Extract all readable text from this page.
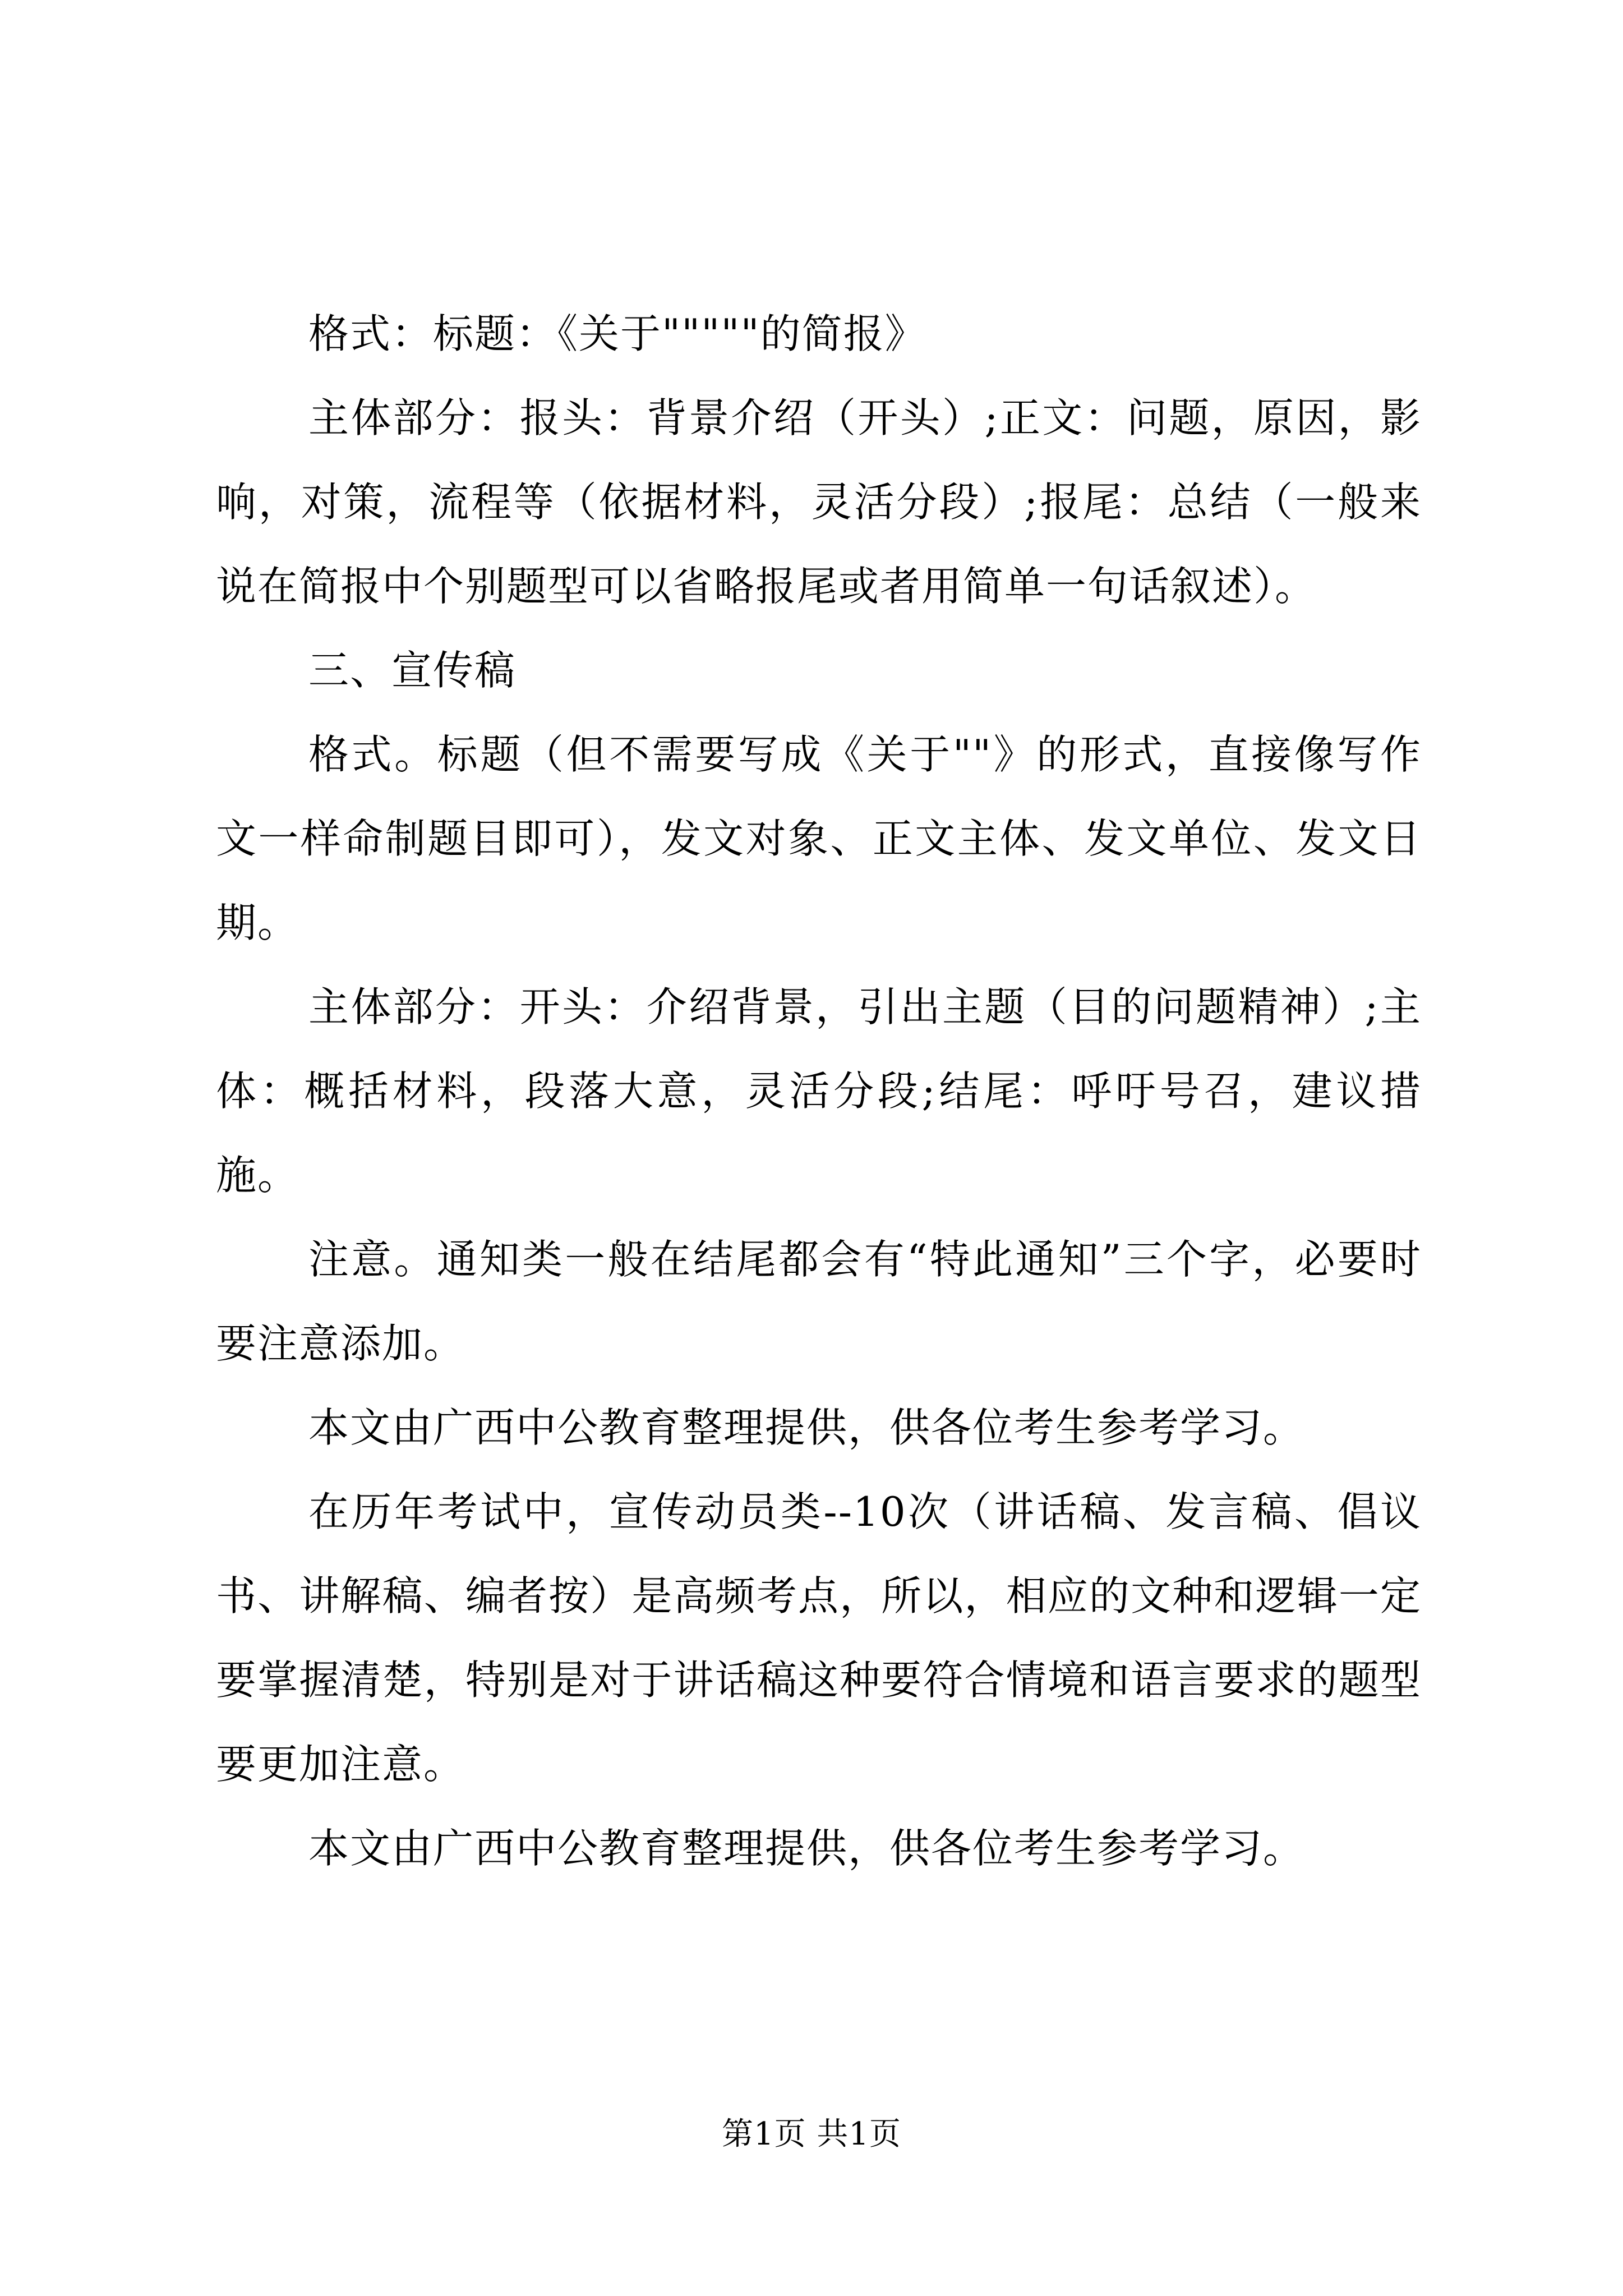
格式：标题：《关于"""""的简报》

主体部分：报头：背景介绍（开头）;正文：问题，原因，影响，对策，流程等（依据材料，灵活分段）;报尾：总结（一般来说在简报中个别题型可以省略报尾或者用简单一句话叙述）。

三、宣传稿

格式。标题（但不需要写成《关于""》的形式，直接像写作文一样命制题目即可），发文对象、正文主体、发文单位、发文日期。

主体部分：开头：介绍背景，引出主题（目的问题精神）;主体：概括材料，段落大意，灵活分段;结尾：呼吁号召，建议措施。

注意。通知类一般在结尾都会有“特此通知”三个字，必要时要注意添加。

本文由广西中公教育整理提供，供各位考生参考学习。

在历年考试中，宣传动员类--10次（讲话稿、发言稿、倡议书、讲解稿、编者按）是高频考点，所以，相应的文种和逻辑一定要掌握清楚，特别是对于讲话稿这种要符合情境和语言要求的题型要更加注意。

本文由广西中公教育整理提供，供各位考生参考学习。

第1页 共1页
